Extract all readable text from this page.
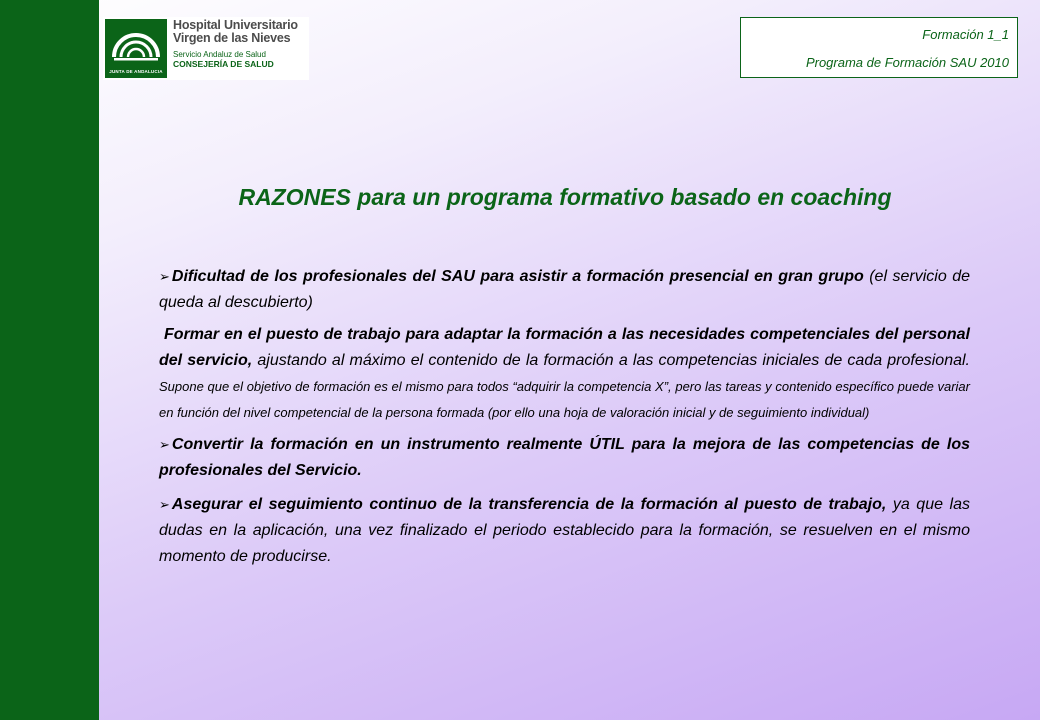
JUNTA DE ANDALUCIA
Hospital Universitario
Virgen de las Nieves
Servicio Andaluz de Salud
CONSEJERÍA DE SALUD
Formación 1_1
Programa de Formación SAU 2010
RAZONES para un programa formativo basado en coaching

➢ Dificultad de los profesionales del SAU para asistir a formación presencial en gran grupo (el servicio de queda al descubierto)

Formar en el puesto de trabajo para adaptar la formación a las necesidades competenciales del personal del servicio, ajustando al máximo el contenido de la formación a las competencias iniciales de cada profesional. Supone que el objetivo de formación es el mismo para todos “adquirir la competencia X”, pero las tareas y contenido específico puede variar en función del nivel competencial de la persona formada (por ello una hoja de valoración inicial y de seguimiento individual)

➢ Convertir la formación en un instrumento realmente ÚTIL para la mejora de las competencias de los profesionales del Servicio.

➢ Asegurar el seguimiento continuo de la transferencia de la formación al puesto de trabajo, ya que las dudas en la aplicación, una vez finalizado el periodo establecido para la formación, se resuelven en el mismo momento de producirse.
